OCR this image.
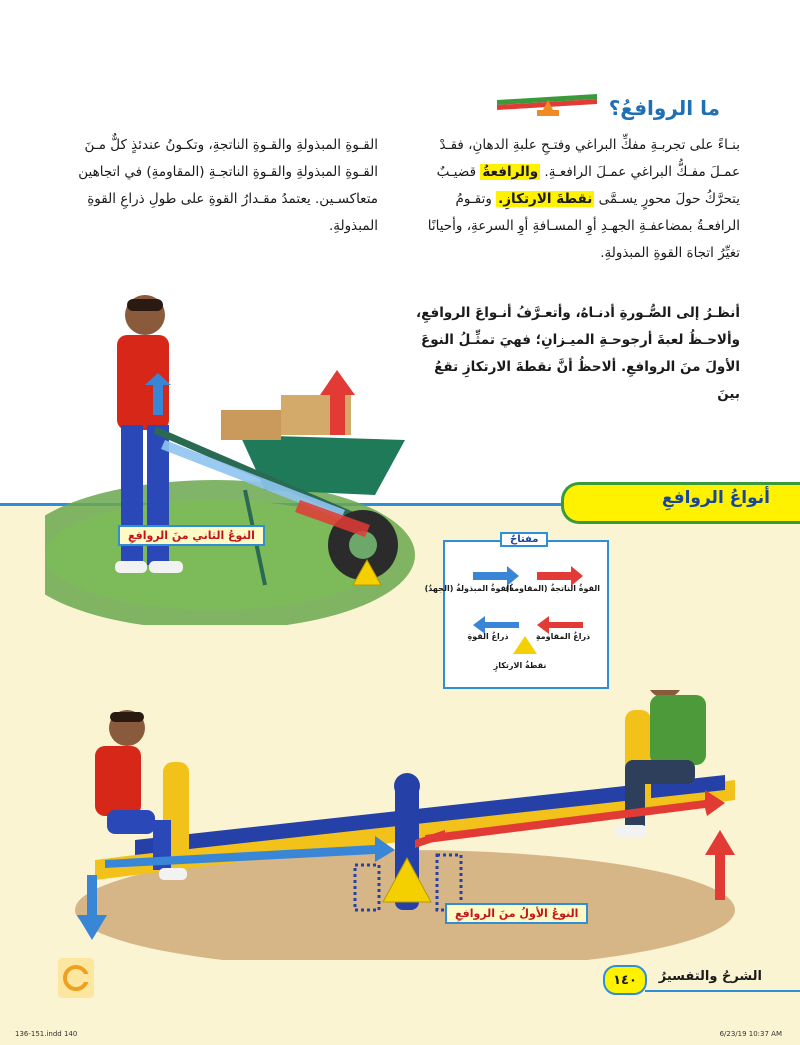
ما الروافعُ؟
بنـاءً على تجربـةِ مفكِّ البراغي وفتـحِ علبةِ الدهانِ، فقـدْ عمـلَ مفـكُّ البراغي عمـلَ الرافعـةِ. والرافعةُ قضيـبٌ يتحرَّكُ حولَ محورٍ يسـمَّى نقطةَ الارتكازِ. وتقـومُ الرافعـةُ بمضاعفـةِ الجهـدِ أوِ المسـافةِ أوِ السرعةِ، وأحيانًا تغيِّرُ اتجاهَ القوةِ المبذولةِ.
أنظـرُ إلى الصُّـورةِ أدنـاهُ، وأتعـرَّفُ أنـواعَ الروافعِ، وألاحـظُ لعبةَ أرجوحـةِ الميـزانِ؛ فهيَ تمثِّـلُ النوعَ الأولَ منَ الروافعِ. ألاحظُ أنَّ نقطةَ الارتكازِ تقعُ بينَ
القـوةِ المبذولةِ والقـوةِ الناتجةِ، وتكـونُ عندئذٍ كلٌّ مـنَ القـوةِ المبذولةِ والقـوةِ الناتجـةِ (المقاومةِ) في اتجاهين متعاكسـين. يعتمدُ مقـدارُ القوةِ على طولِ ذراعِ القوةِ المبذولةِ.
النوعُ الثاني منَ الروافعِ
أنواعُ الروافعِ
مفتاحٌ
القوةُ المبذولةُ (الجهدُ)
القوةُ الناتجةُ (المقاومةُ)
ذراعُ القوةِ	ذراعُ المقاومةِ
نقطةُ الارتكازِ
النوعُ الأولُ منَ الروافعِ
١٤٠ الشرحُ والتفسيرُ
136-151.indd 140	6/23/19 10:37 AM
